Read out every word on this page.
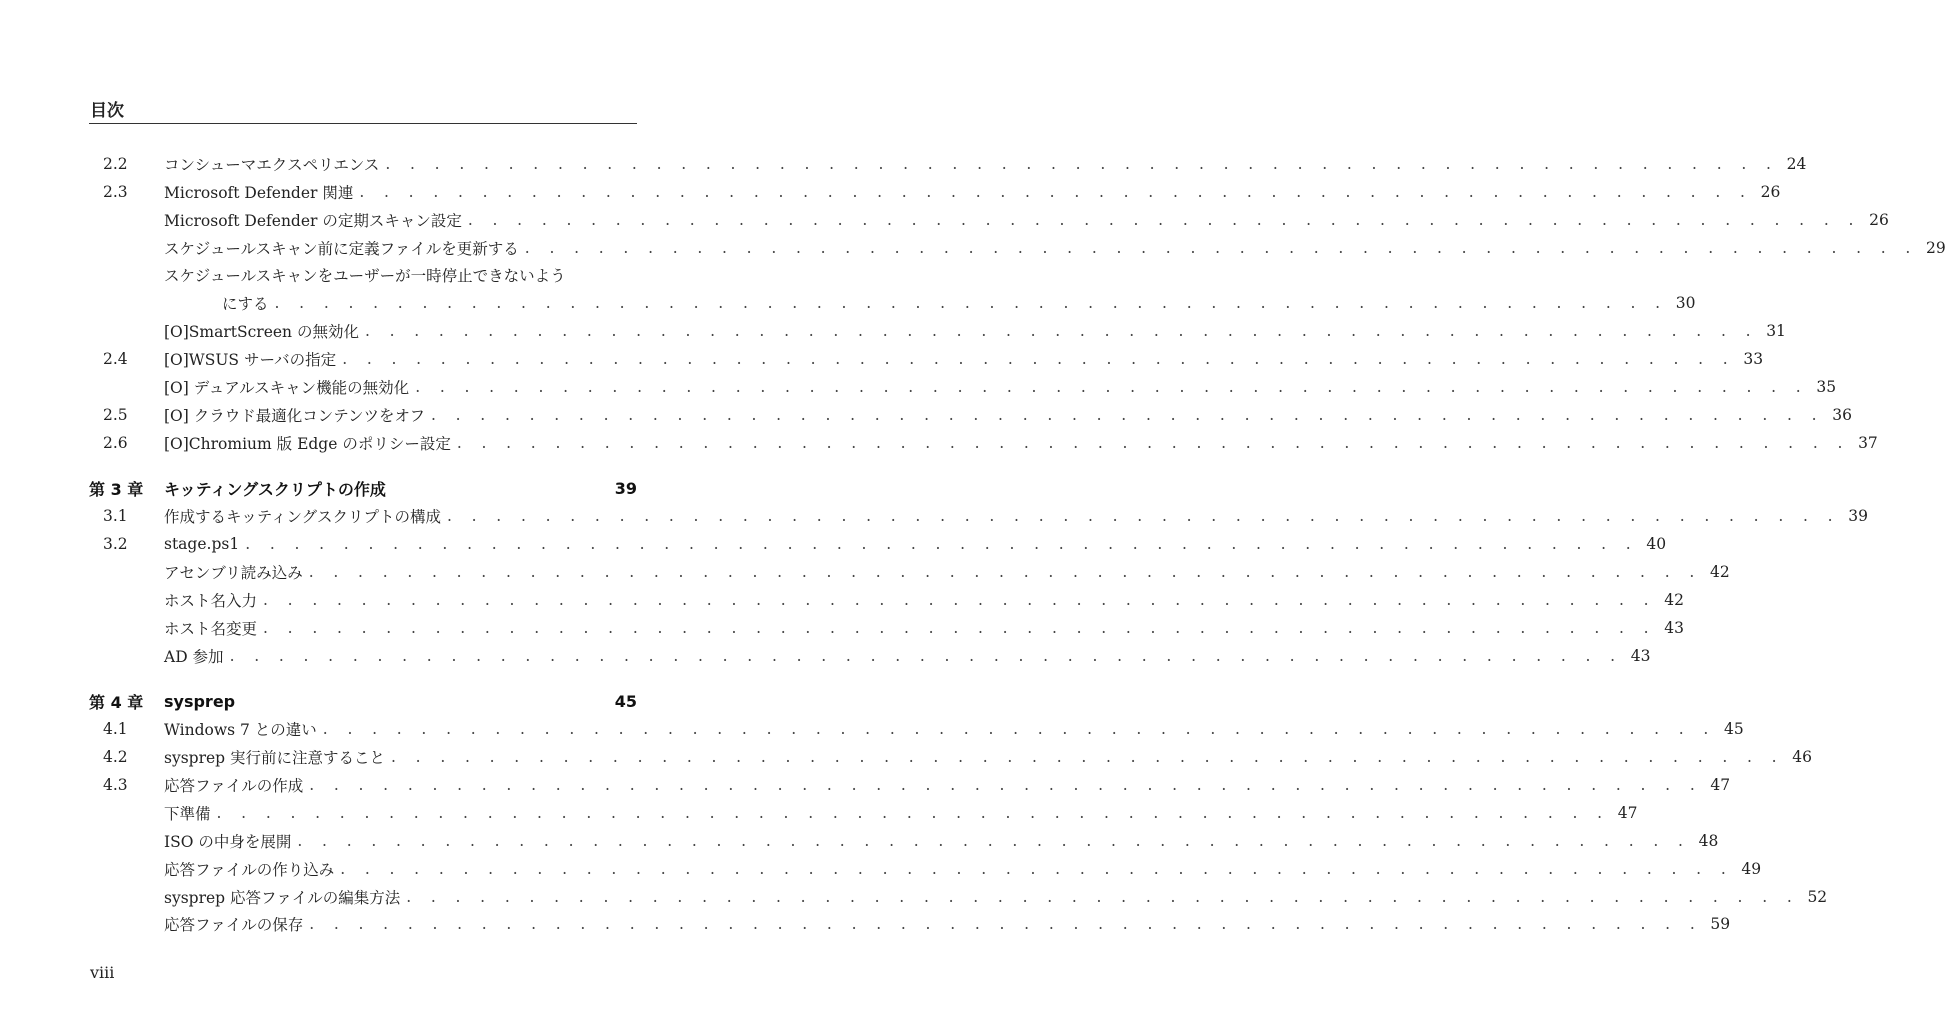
目次
2.2	コンシューマエクスペリエンス . . . . . . . . . . . . . . . . . . . . . . . . . . . . . . . . . . . . . . . . . . . . . . . . . . . . . . . . . 24
2.3	Microsoft Defender 関連 . . . . . . . . . . . . . . . . . . . . . . . . . . . . . . . . . . . . . . . . . . . . . . . . . . . . . . . . . 26
Microsoft Defender の定期スキャン設定 . . . . . . . . . . . . . . . . . . . . . . . . . . . . . . . . . . . . . . . . . . . . . . . . . . . . . . . . . 26
スケジュールスキャン前に定義ファイルを更新する . . . . . . . . . . . . . . . . . . . . . . . . . . . . . . . . . . . . . . . . . . . . . . . . . . . . . . . . . 29
スケジュールスキャンをユーザーが一時停止できないよう
にする . . . . . . . . . . . . . . . . . . . . . . . . . . . . . . . . . . . . . . . . . . . . . . . . . . . . . . . . . 30
[O]SmartScreen の無効化 . . . . . . . . . . . . . . . . . . . . . . . . . . . . . . . . . . . . . . . . . . . . . . . . . . . . . . . . . 31
2.4	[O]WSUS サーバの指定 . . . . . . . . . . . . . . . . . . . . . . . . . . . . . . . . . . . . . . . . . . . . . . . . . . . . . . . . . 33
[O] デュアルスキャン機能の無効化 . . . . . . . . . . . . . . . . . . . . . . . . . . . . . . . . . . . . . . . . . . . . . . . . . . . . . . . . . 35
2.5	[O] クラウド最適化コンテンツをオフ . . . . . . . . . . . . . . . . . . . . . . . . . . . . . . . . . . . . . . . . . . . . . . . . . . . . . . . . . 36
2.6	[O]Chromium 版 Edge のポリシー設定 . . . . . . . . . . . . . . . . . . . . . . . . . . . . . . . . . . . . . . . . . . . . . . . . . . . . . . . . . 37
第 3 章	キッティングスクリプトの作成	39
3.1	作成するキッティングスクリプトの構成 . . . . . . . . . . . . . . . . . . . . . . . . . . . . . . . . . . . . . . . . . . . . . . . . . . . . . . . . . 39
3.2	stage.ps1 . . . . . . . . . . . . . . . . . . . . . . . . . . . . . . . . . . . . . . . . . . . . . . . . . . . . . . . . . 40
アセンブリ読み込み . . . . . . . . . . . . . . . . . . . . . . . . . . . . . . . . . . . . . . . . . . . . . . . . . . . . . . . . . 42
ホスト名入力 . . . . . . . . . . . . . . . . . . . . . . . . . . . . . . . . . . . . . . . . . . . . . . . . . . . . . . . . . 42
ホスト名変更 . . . . . . . . . . . . . . . . . . . . . . . . . . . . . . . . . . . . . . . . . . . . . . . . . . . . . . . . . 43
AD 参加 . . . . . . . . . . . . . . . . . . . . . . . . . . . . . . . . . . . . . . . . . . . . . . . . . . . . . . . . . 43
第 4 章	sysprep	45
4.1	Windows 7 との違い . . . . . . . . . . . . . . . . . . . . . . . . . . . . . . . . . . . . . . . . . . . . . . . . . . . . . . . . . 45
4.2	sysprep 実行前に注意すること . . . . . . . . . . . . . . . . . . . . . . . . . . . . . . . . . . . . . . . . . . . . . . . . . . . . . . . . . 46
4.3	応答ファイルの作成 . . . . . . . . . . . . . . . . . . . . . . . . . . . . . . . . . . . . . . . . . . . . . . . . . . . . . . . . . 47
下準備 . . . . . . . . . . . . . . . . . . . . . . . . . . . . . . . . . . . . . . . . . . . . . . . . . . . . . . . . . 47
ISO の中身を展開 . . . . . . . . . . . . . . . . . . . . . . . . . . . . . . . . . . . . . . . . . . . . . . . . . . . . . . . . . 48
応答ファイルの作り込み . . . . . . . . . . . . . . . . . . . . . . . . . . . . . . . . . . . . . . . . . . . . . . . . . . . . . . . . . 49
sysprep 応答ファイルの編集方法 . . . . . . . . . . . . . . . . . . . . . . . . . . . . . . . . . . . . . . . . . . . . . . . . . . . . . . . . . 52
応答ファイルの保存 . . . . . . . . . . . . . . . . . . . . . . . . . . . . . . . . . . . . . . . . . . . . . . . . . . . . . . . . . 59
viii
